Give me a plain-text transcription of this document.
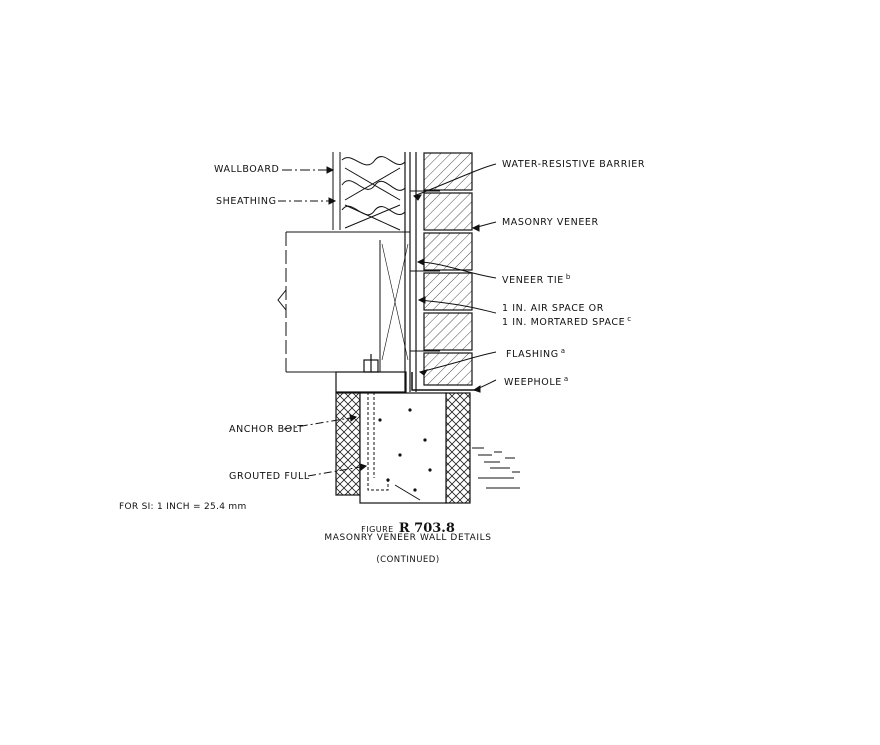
WALLBOARD
SHEATHING
ANCHOR BOLT
GROUTED FULL
WATER-RESISTIVE BARRIER
MASONRY VENEER
VENEER TIE $^b$
1 IN. AIR SPACE OR
1 IN. MORTARED SPACE $^c$
FLASHING $^a$
WEEPHOLE $^a$
FOR SI: 1 INCH = 25.4 mm
FIGURE R 703.8
MASONRY VENEER WALL DETAILS
(CONTINUED)
